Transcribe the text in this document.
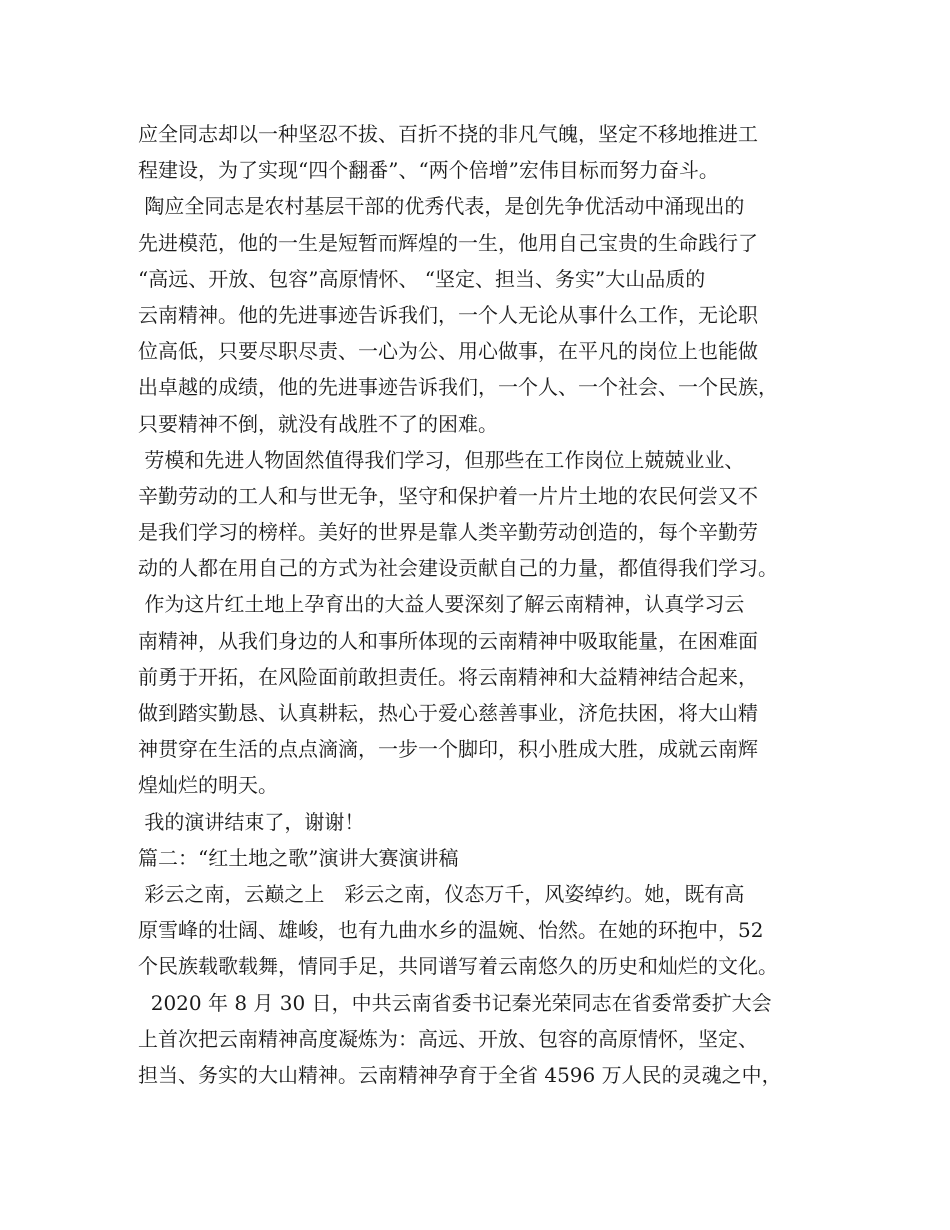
应全同志却以一种坚忍不拔、百折不挠的非凡气魄，坚定不移地推进工
程建设，为了实现“四个翻番”、“两个倍增”宏伟目标而努力奋斗。
陶应全同志是农村基层干部的优秀代表，是创先争优活动中涌现出的
先进模范，他的一生是短暂而辉煌的一生，他用自己宝贵的生命践行了
“高远、开放、包容”高原情怀、 “坚定、担当、务实”大山品质的
云南精神。他的先进事迹告诉我们，一个人无论从事什么工作，无论职
位高低，只要尽职尽责、一心为公、用心做事，在平凡的岗位上也能做
出卓越的成绩，他的先进事迹告诉我们，一个人、一个社会、一个民族，
只要精神不倒，就没有战胜不了的困难。
劳模和先进人物固然值得我们学习，但那些在工作岗位上兢兢业业、
辛勤劳动的工人和与世无争，坚守和保护着一片片土地的农民何尝又不
是我们学习的榜样。美好的世界是靠人类辛勤劳动创造的，每个辛勤劳
动的人都在用自己的方式为社会建设贡献自己的力量，都值得我们学习。
作为这片红土地上孕育出的大益人要深刻了解云南精神，认真学习云
南精神，从我们身边的人和事所体现的云南精神中吸取能量，在困难面
前勇于开拓，在风险面前敢担责任。将云南精神和大益精神结合起来，
做到踏实勤恳、认真耕耘，热心于爱心慈善事业，济危扶困，将大山精
神贯穿在生活的点点滴滴，一步一个脚印，积小胜成大胜，成就云南辉
煌灿烂的明天。
我的演讲结束了，谢谢！
篇二：“红土地之歌”演讲大赛演讲稿
彩云之南，云巅之上　彩云之南，仪态万千，风姿绰约。她，既有高
原雪峰的壮阔、雄峻，也有九曲水乡的温婉、怡然。在她的环抱中，52
个民族载歌载舞，情同手足，共同谱写着云南悠久的历史和灿烂的文化。
2020 年 8 月 30 日，中共云南省委书记秦光荣同志在省委常委扩大会
上首次把云南精神高度凝炼为：高远、开放、包容的高原情怀，坚定、
担当、务实的大山精神。云南精神孕育于全省 4596 万人民的灵魂之中，
